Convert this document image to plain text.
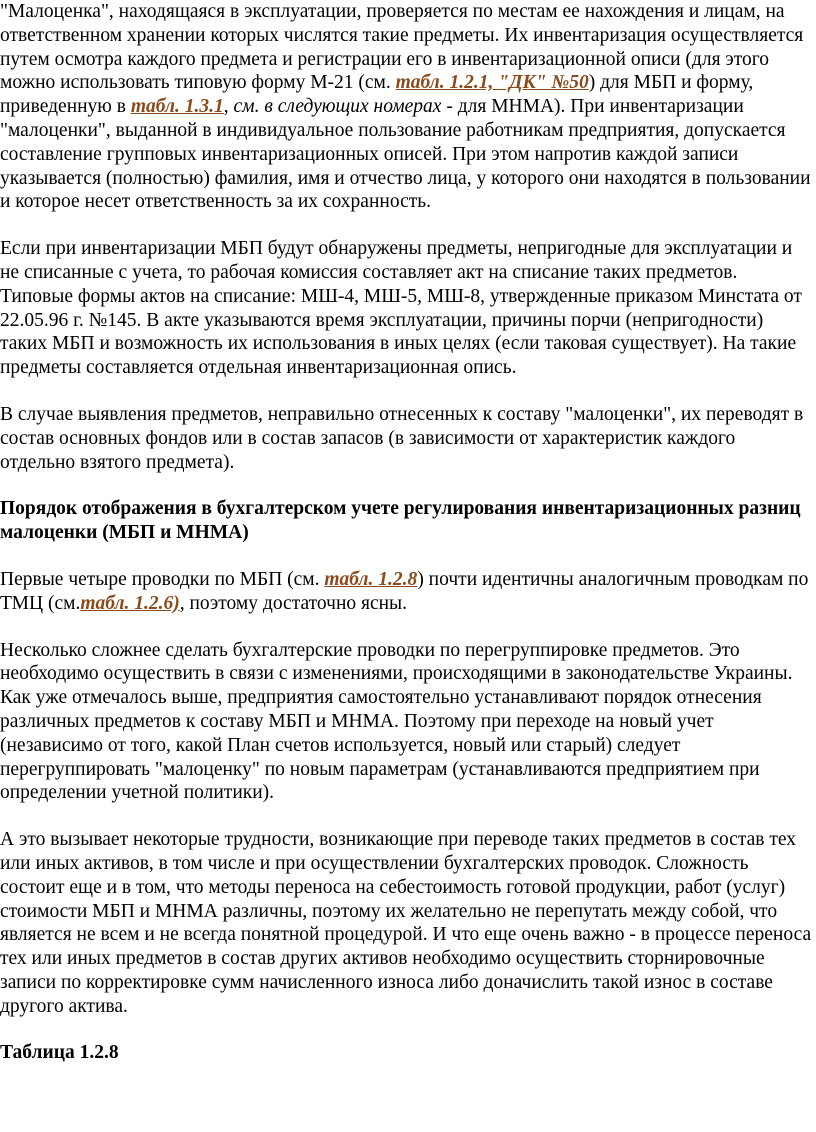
"Малоценка", находящаяся в эксплуатации, проверяется по местам ее нахождения и лицам, на ответственном хранении которых числятся такие предметы. Их инвентаризация осуществляется путем осмотра каждого предмета и регистрации его в инвентаризационной описи (для этого можно использовать типовую форму М-21 (см. табл. 1.2.1, "ДК" №50) для МБП и форму, приведенную в табл. 1.3.1, см. в следующих номерах - для МНМА). При инвентаризации "малоценки", выданной в индивидуальное пользование работникам предприятия, допускается составление групповых инвентаризационных описей. При этом напротив каждой записи указывается (полностью) фамилия, имя и отчество лица, у которого они находятся в пользовании и которое несет ответственность за их сохранность.

Если при инвентаризации МБП будут обнаружены предметы, непригодные для эксплуатации и не списанные с учета, то рабочая комиссия составляет акт на списание таких предметов. Типовые формы актов на списание: МШ-4, МШ-5, МШ-8, утвержденные приказом Минстата от 22.05.96 г. №145. В акте указываются время эксплуатации, причины порчи (непригодности) таких МБП и возможность их использования в иных целях (если таковая существует). На такие предметы составляется отдельная инвентаризационная опись.

В случае выявления предметов, неправильно отнесенных к составу "малоценки", их переводят в состав основных фондов или в состав запасов (в зависимости от характеристик каждого отдельно взятого предмета).

Порядок отображения в бухгалтерском учете регулирования инвентаризационных разниц малоценки (МБП и МНМА)

Первые четыре проводки по МБП (см. табл. 1.2.8) почти идентичны аналогичным проводкам по ТМЦ (см.табл. 1.2.6), поэтому достаточно ясны.

Несколько сложнее сделать бухгалтерские проводки по перегруппировке предметов. Это необходимо осуществить в связи с изменениями, происходящими в законодательстве Украины. Как уже отмечалось выше, предприятия самостоятельно устанавливают порядок отнесения различных предметов к составу МБП и МНМА. Поэтому при переходе на новый учет (независимо от того, какой План счетов используется, новый или старый) следует перегруппировать "малоценку" по новым параметрам (устанавливаются предприятием при определении учетной политики).

А это вызывает некоторые трудности, возникающие при переводе таких предметов в состав тех или иных активов, в том числе и при осуществлении бухгалтерских проводок. Сложность состоит еще и в том, что методы переноса на себестоимость готовой продукции, работ (услуг) стоимости МБП и МНМА различны, поэтому их желательно не перепутать между собой, что является не всем и не всегда понятной процедурой. И что еще очень важно - в процессе переноса тех или иных предметов в состав других активов необходимо осуществить сторнировочные записи по корректировке сумм начисленного износа либо доначислить такой износ в составе другого актива.

Таблица 1.2.8
